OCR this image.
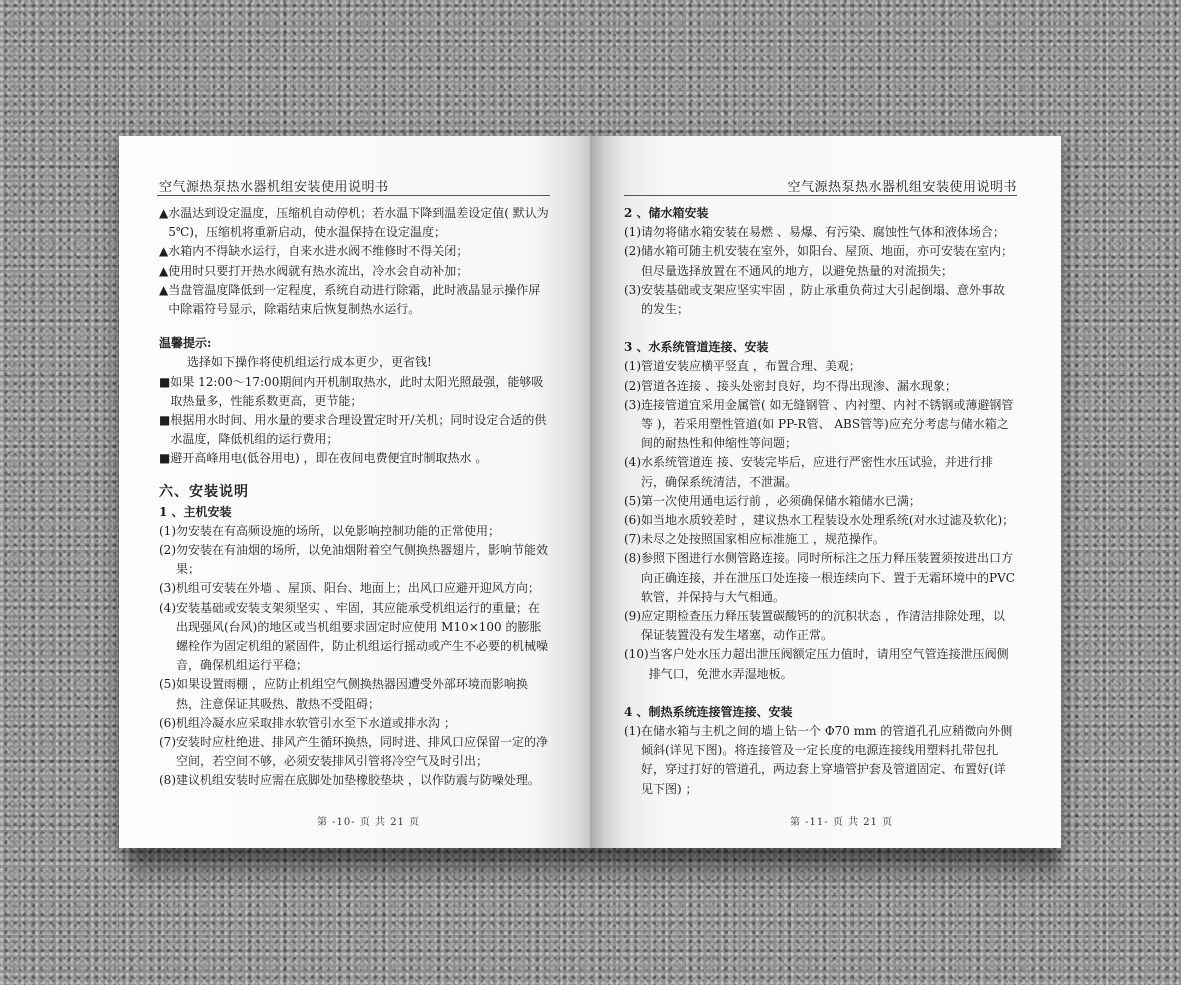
空气源热泵热水器机组安装使用说明书
▲ 水温达到设定温度，压缩机自动停机；若水温下降到温差设定值( 默认为5℃)，压缩机将重新启动，使水温保持在设定温度；
▲ 水箱内不得缺水运行，自来水进水阀不维修时不得关闭；
▲ 使用时只要打开热水阀就有热水流出，冷水会自动补加；
▲ 当盘管温度降低到一定程度，系统自动进行除霜，此时液晶显示操作屏中除霜符号显示，除霜结束后恢复制热水运行。
温馨提示:
选择如下操作将使机组运行成本更少，更省钱!
■ 如果 12:00～17:00期间内开机制取热水，此时太阳光照最强，能够吸取热量多，性能系数更高，更节能；
■ 根据用水时间、用水量的要求合理设置定时开/关机；同时设定合适的供水温度，降低机组的运行费用；
■ 避开高峰用电(低谷用电) ，即在夜间电费便宜时制取热水 。
六、安装说明
1 、主机安装
(1) 勿安装在有高频设施的场所，以免影响控制功能的正常使用；
(2) 勿安装在有油烟的场所，以免油烟附着空气侧换热器翅片，影响节能效果；
(3) 机组可安装在外墙 、屋顶、阳台、地面上；出风口应避开迎风方向；
(4) 安装基础或安装支架须坚实 、牢固，其应能承受机组运行的重量；在出现强风(台风)的地区或当机组要求固定时应使用 M10×100 的膨胀螺栓作为固定机组的紧固件，防止机组运行摇动或产生不必要的机械噪音，确保机组运行平稳；
(5) 如果设置雨棚 ，应防止机组空气侧换热器因遭受外部环境而影响换热，注意保证其吸热、散热不受阻碍；
(6) 机组冷凝水应采取排水软管引水至下水道或排水沟 ；
(7) 安装时应杜绝进、排风产生循环换热，同时进、排风口应保留一定的净空间，若空间不够，必须安装排风引管将冷空气及时引出；
(8) 建议机组安装时应需在底脚处加垫橡胶垫块 ，以作防震与防噪处理。
第 -10- 页 共 21 页
空气源热泵热水器机组安装使用说明书
2 、储水箱安装
(1) 请勿将储水箱安装在易燃 、易爆、有污染、腐蚀性气体和液体场合；
(2) 储水箱可随主机安装在室外，如阳台、屋顶、地面，亦可安装在室内；但尽量选择放置在不通风的地方，以避免热量的对流损失；
(3) 安装基础或支架应坚实牢固 ，防止承重负荷过大引起倒塌、意外事故的发生；
3 、水系统管道连接、安装
(1) 管道安装应横平竖直 ，布置合理、美观；
(2) 管道各连接 、接头处密封良好，均不得出现渗、漏水现象；
(3) 连接管道宜采用金属管( 如无缝钢管 、内衬塑、内衬不锈钢或薄避钢管等 )，若采用塑性管道(如 PP-R管、 ABS管等)应充分考虑与储水箱之间的耐热性和伸缩性等问题；
(4) 水系统管道连 接、安装完毕后，应进行严密性水压试验，并进行排污，确保系统清洁，不泄漏。
(5) 第一次使用通电运行前 ，必须确保储水箱储水已满；
(6) 如当地水质较差时 ，建议热水工程装设水处理系统(对水过滤及软化)；
(7) 未尽之处按照国家相应标准施工 ，规范操作。
(8) 参照下图进行水侧管路连接。同时所标注之压力释压装置须按进出口方向正确连接，并在泄压口处连接一根连续向下、置于无霜环境中的PVC软管，并保持与大气相通。
(9) 应定期检查压力释压装置碳酸钙的的沉积状态 ，作清洁排除处理，以保证装置没有发生堵塞，动作正常。
(10) 当客户处水压力超出泄压阀额定压力值时，请用空气管连接泄压阀侧排气口，免泄水弄湿地板。
4 、制热系统连接管连接、安装
(1) 在储水箱与主机之间的墙上钻一个 Φ70 mm 的管道孔孔应稍微向外侧倾斜(详见下图)。将连接管及一定长度的电源连接线用塑料扎带包扎好，穿过打好的管道孔，两边套上穿墙管护套及管道固定、布置好(详见下图) ；
第 -11- 页 共 21 页
